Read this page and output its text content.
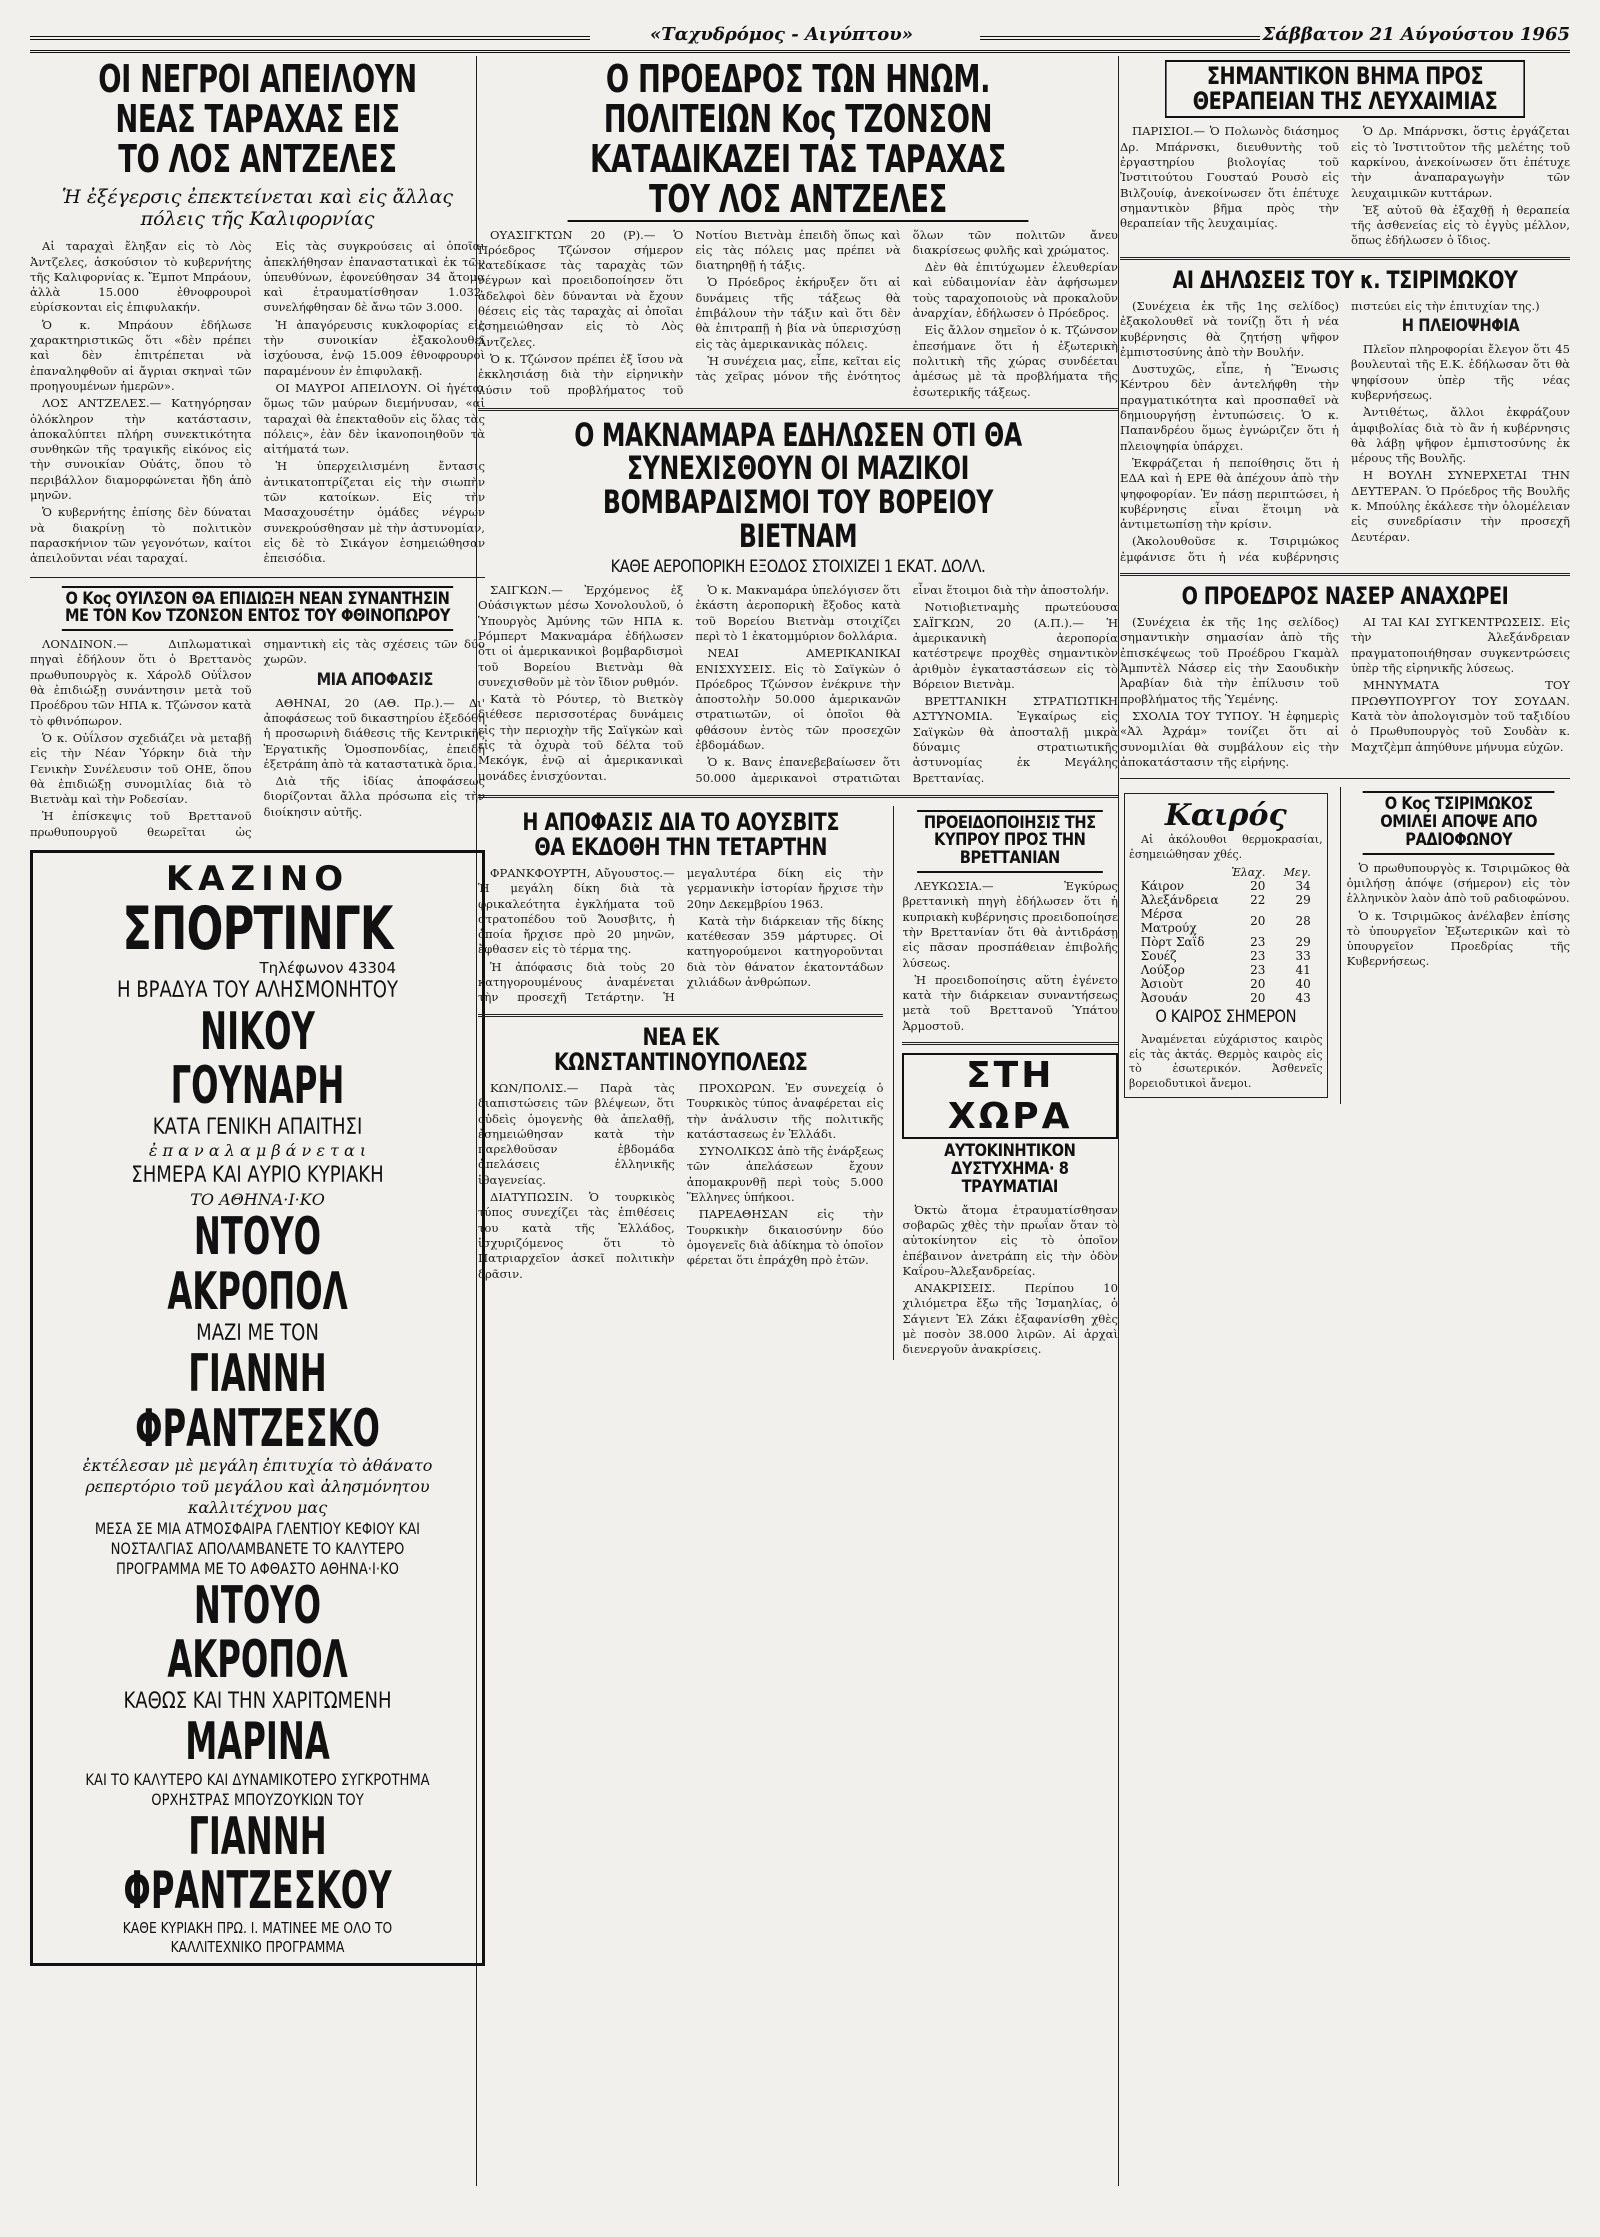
«Ταχυδρόμος - Αιγύπτου»	Σάββατον 21 Αύγούστου 1965
ΟΙ ΝΕΓΡΟΙ ΑΠΕΙΛΟΥΝ ΝΕΑΣ ΤΑΡΑΧΑΣ ΕΙΣ ΤΟ ΛΟΣ ΑΝΤΖΕΛΕΣ
Ἡ ἐξέγερσις ἐπεκτείνεται καὶ εἰς ἄλλας πόλεις τῆς Καλιφορνίας

Αἱ ταραχαὶ ἔληξαν εἰς τὸ Λὸς Ἀντζελες, ἀσκούσιον τὸ κυβερνήτης τῆς Καλιφορνίας κ. Ἔμποτ Μπράουν, ἀλλὰ 15.000 ἐθνοφρουροὶ εὑρίσκονται εἰς ἐπιφυλακήν.

Ὁ κ. Μπράουν ἐδήλωσε χαρακτηριστικῶς ὅτι «δὲν πρέπει καὶ δὲν ἐπιτρέπεται νὰ ἐπαναληφθοῦν αἱ ἄγριαι σκηναὶ τῶν προηγουμένων ἡμερῶν».

ΛΟΣ ΑΝΤΖΕΛΕΣ.— Κατηγόρησαν ὀλόκληρον τὴν κατάστασιν, ἀποκαλύπτει πλήρη συνεκτικότητα συνθηκῶν τῆς τραγικῆς εἰκόνος εἰς τὴν συνοικίαν Οὐάτς, ὅπου τὸ περιβάλλον διαμορφώνεται ἤδη ἀπὸ μηνῶν.

Ὁ κυβερνήτης ἐπίσης δὲν δύναται νὰ διακρίνῃ τὸ πολιτικὸν παρασκήνιον τῶν γεγονότων, καίτοι ἀπειλοῦνται νέαι ταραχαί.

Εἰς τὰς συγκρούσεις αἱ ὁποῖαι ἀπεκλήθησαν ἐπαναστατικαὶ ἐκ τῶν ὑπευθύνων, ἐφονεύθησαν 34 ἄτομα καὶ ἐτραυματίσθησαν 1.032, συνελήφθησαν δὲ ἄνω τῶν 3.000.

Ἡ ἀπαγόρευσις κυκλοφορίας εἰς τὴν συνοικίαν ἐξακολουθεῖ ἰσχύουσα, ἐνῷ 15.009 ἐθνοφρουροὶ παραμένουν ἐν ἐπιφυλακῇ.

ΟΙ ΜΑΥΡΟΙ ΑΠΕΙΛΟΥΝ. Οἱ ἡγέται ὅμως τῶν μαύρων διεμήνυσαν, «αἱ ταραχαὶ θὰ ἐπεκταθοῦν εἰς ὅλας τὰς πόλεις», ἐὰν δὲν ἱκανοποιηθοῦν τὰ αἰτήματά των.

Ἡ ὑπερχειλισμένη ἔντασις ἀντικατοπτρίζεται εἰς τὴν σιωπὴν τῶν κατοίκων. Εἰς τὴν Μασαχουσέτην ὁμάδες νέγρων συνεκρούσθησαν μὲ τὴν ἀστυνομίαν, εἰς δὲ τὸ Σικάγον ἐσημειώθησαν ἐπεισόδια.

Ο Κος ΟΥΙΛΣΟΝ ΘΑ ΕΠΙΔΙΩΞΗ ΝΕΑΝ ΣΥΝΑΝΤΗΣΙΝ ΜΕ ΤΟΝ Κον ΤΖΟΝΣΟΝ ΕΝΤΟΣ ΤΟΥ ΦΘΙΝΟΠΩΡΟΥ

ΛΟΝΔΙΝΟΝ.— Διπλωματικαὶ πηγαὶ ἐδήλουν ὅτι ὁ Βρεττανὸς πρωθυπουργὸς κ. Χάρολδ Οὐΐλσον θὰ ἐπιδιώξῃ συνάντησιν μετὰ τοῦ Προέδρου τῶν ΗΠΑ κ. Τζώνσον κατὰ τὸ φθινόπωρον.

Ὁ κ. Οὐΐλσον σχεδιάζει νὰ μεταβῇ εἰς τὴν Νέαν Ὑόρκην διὰ τὴν Γενικὴν Συνέλευσιν τοῦ ΟΗΕ, ὅπου θὰ ἐπιδιώξῃ συνομιλίας διὰ τὸ Βιετνὰμ καὶ τὴν Ροδεσίαν.

Ἡ ἐπίσκεψις τοῦ Βρεττανοῦ πρωθυπουργοῦ θεωρεῖται ὡς σημαντικὴ εἰς τὰς σχέσεις τῶν δύο χωρῶν.

ΜΙΑ ΑΠΟΦΑΣΙΣ

ΑΘΗΝΑΙ, 20 (ΑΘ. Πρ.).— Δι' ἀποφάσεως τοῦ δικαστηρίου ἐξεδόθη ἡ προσωρινὴ διάθεσις τῆς Κεντρικῆς Ἐργατικῆς Ὁμοσπονδίας, ἐπειδὴ ἐξετράπη ἀπὸ τὰ καταστατικὰ ὅρια.

Διὰ τῆς ἰδίας ἀποφάσεως διορίζονται ἄλλα πρόσωπα εἰς τὴν διοίκησιν αὐτῆς.

ΚΑΖΙΝΟ
ΣΠΟΡΤΙΝΓΚ
Τηλέφωνον 43304
Η ΒΡΑΔΥΑ ΤΟΥ ΑΛΗΣΜΟΝΗΤΟΥ
ΝΙΚΟΥ ΓΟΥΝΑΡΗ
ΚΑΤΑ ΓΕΝΙΚΗ ΑΠΑΙΤΗΣΙ
ἐ π α ν α λ α μ β ά ν ε τ α ι
ΣΗΜΕΡΑ ΚΑΙ ΑΥΡΙΟ ΚΥΡΙΑΚΗ
ΤΟ ΑΘΗΝΑ·Ι·ΚΟ
ΝΤΟΥΟ ΑΚΡΟΠΟΛ
ΜΑΖΙ ΜΕ ΤΟΝ
ΓΙΑΝΝΗ ΦΡΑΝΤΖΕΣΚΟ
ἐκτέλεσαν μὲ μεγάλη ἐπιτυχία τὸ ἀθάνατο ρεπερτόριο τοῦ μεγάλου καὶ ἀλησμόνητου καλλιτέχνου μας
ΜΕΣΑ ΣΕ ΜΙΑ ΑΤΜΟΣΦΑΙΡΑ ΓΛΕΝΤΙΟΥ ΚΕΦΙΟΥ ΚΑΙ ΝΟΣΤΑΛΓΙΑΣ ΑΠΟΛΑΜΒΑΝΕΤΕ ΤΟ ΚΑΛΥΤΕΡΟ ΠΡΟΓΡΑΜΜΑ ΜΕ ΤΟ ΑΦΘΑΣΤΟ ΑΘΗΝΑ·Ι·ΚΟ
ΝΤΟΥΟ ΑΚΡΟΠΟΛ
ΚΑΘΩΣ ΚΑΙ ΤΗΝ ΧΑΡΙΤΩΜΕΝΗ
ΜΑΡΙΝΑ
ΚΑΙ ΤΟ ΚΑΛΥΤΕΡΟ ΚΑΙ ΔΥΝΑΜΙΚΟΤΕΡΟ ΣΥΓΚΡΟΤΗΜΑ ΟΡΧΗΣΤΡΑΣ ΜΠΟΥΖΟΥΚΙΩΝ ΤΟΥ
ΓΙΑΝΝΗ ΦΡΑΝΤΖΕΣΚΟΥ
ΚΑΘΕ ΚΥΡΙΑΚΗ ΠΡΩ. Ι. ΜΑΤΙΝΕΕ ΜΕ ΟΛΟ ΤΟ ΚΑΛΛΙΤΕΧΝΙΚΟ ΠΡΟΓΡΑΜΜΑ
Ο ΠΡΟΕΔΡΟΣ ΤΩΝ ΗΝΩΜ. ΠΟΛΙΤΕΙΩΝ Κος ΤΖΟΝΣΟΝ ΚΑΤΑΔΙΚΑΖΕΙ ΤΑΣ ΤΑΡΑΧΑΣ ΤΟΥ ΛΟΣ ΑΝΤΖΕΛΕΣ

ΟΥΑΣΙΓΚΤΩΝ 20 (Ρ).— Ὁ Πρόεδρος Τζώνσον σήμερον κατεδίκασε τὰς ταραχὰς τῶν νέγρων καὶ προειδοποίησεν ὅτι ἀδελφοὶ δὲν δύνανται νὰ ἔχουν θέσεις εἰς τὰς ταραχὰς αἱ ὁποῖαι ἐσημειώθησαν εἰς τὸ Λὸς Ἀντζελες.

Ὁ κ. Τζώνσον πρέπει ἐξ ἴσου νὰ ἐκκλησιάσῃ διὰ τὴν εἰρηνικὴν λύσιν τοῦ προβλήματος τοῦ Νοτίου Βιετνὰμ ἐπειδὴ ὅπως καὶ εἰς τὰς πόλεις μας πρέπει νὰ διατηρηθῇ ἡ τάξις.

Ὁ Πρόεδρος ἐκήρυξεν ὅτι αἱ δυνάμεις τῆς τάξεως θὰ ἐπιβάλουν τὴν τάξιν καὶ ὅτι δὲν θὰ ἐπιτραπῇ ἡ βία νὰ ὑπερισχύσῃ εἰς τὰς ἀμερικανικὰς πόλεις.

Ἡ συνέχεια μας, εἶπε, κεῖται εἰς τὰς χεῖρας μόνον τῆς ἐνότητος ὅλων τῶν πολιτῶν ἄνευ διακρίσεως φυλῆς καὶ χρώματος.

Δὲν θὰ ἐπιτύχωμεν ἐλευθερίαν καὶ εὐδαιμονίαν ἐὰν ἀφήσωμεν τοὺς ταραχοποιοὺς νὰ προκαλοῦν ἀναρχίαν, ἐδήλωσεν ὁ Πρόεδρος.

Εἰς ἄλλον σημεῖον ὁ κ. Τζώνσον ἐπεσήμανε ὅτι ἡ ἐξωτερικὴ πολιτικὴ τῆς χώρας συνδέεται ἀμέσως μὲ τὰ προβλήματα τῆς ἐσωτερικῆς τάξεως.

Ο ΜΑΚΝΑΜΑΡΑ ΕΔΗΛΩΣΕΝ ΟΤΙ ΘΑ ΣΥΝΕΧΙΣΘΟΥΝ ΟΙ ΜΑΖΙΚΟΙ ΒΟΜΒΑΡΔΙΣΜΟΙ ΤΟΥ ΒΟΡΕΙΟΥ ΒΙΕΤΝΑΜ
ΚΑΘΕ ΑΕΡΟΠΟΡΙΚΗ ΕΞΟΔΟΣ ΣΤΟΙΧΙΖΕΙ 1 ΕΚΑΤ. ΔΟΛΛ.

ΣΑΙΓΚΩΝ.— Ἐρχόμενος ἐξ Οὐάσιγκτων μέσω Χονολουλοῦ, ὁ Ὑπουργὸς Ἀμύνης τῶν ΗΠΑ κ. Ρόμπερτ Μακναμάρα ἐδήλωσεν ὅτι οἱ ἀμερικανικοὶ βομβαρδισμοὶ τοῦ Βορείου Βιετνὰμ θὰ συνεχισθοῦν μὲ τὸν ἴδιον ρυθμόν.

Κατὰ τὸ Ρόυτερ, τὸ Βιετκὸγ διέθεσε περισσοτέρας δυνάμεις εἰς τὴν περιοχὴν τῆς Σαϊγκὼν καὶ εἰς τὰ ὀχυρὰ τοῦ δέλτα τοῦ Μεκόγκ, ἐνῷ αἱ ἀμερικανικαὶ μονάδες ἐνισχύονται.

Ὁ κ. Μακναμάρα ὑπελόγισεν ὅτι ἑκάστη ἀεροπορικὴ ἔξοδος κατὰ τοῦ Βορείου Βιετνὰμ στοιχίζει περὶ τὸ 1 ἑκατομμύριον δολλάρια.

ΝΕΑΙ ΑΜΕΡΙΚΑΝΙΚΑΙ ΕΝΙΣΧΥΣΕΙΣ. Εἰς τὸ Σαϊγκὼν ὁ Πρόεδρος Τζώνσον ἐνέκρινε τὴν ἀποστολὴν 50.000 ἀμερικανῶν στρατιωτῶν, οἱ ὁποῖοι θὰ φθάσουν ἐντὸς τῶν προσεχῶν ἑβδομάδων.

Ὁ κ. Βανς ἐπανεβεβαίωσεν ὅτι 50.000 ἀμερικανοὶ στρατιῶται εἶναι ἕτοιμοι διὰ τὴν ἀποστολήν.

Νοτιοβιετναμὴς πρωτεύουσα ΣΑΪΓΚΩΝ, 20 (Α.Π.).— Ἡ ἀμερικανικὴ ἀεροπορία κατέστρεψε προχθὲς σημαντικὸν ἀριθμὸν ἐγκαταστάσεων εἰς τὸ Βόρειον Βιετνὰμ.

ΒΡΕΤΤΑΝΙΚΗ ΣΤΡΑΤΙΩΤΙΚΗ ΑΣΤΥΝΟΜΙΑ. Ἐγκαίρως εἰς Σαϊγκὼν θὰ ἀποσταλῇ μικρὰ δύναμις στρατιωτικῆς ἀστυνομίας ἐκ Μεγάλης Βρεττανίας.

Η ΑΠΟΦΑΣΙΣ ΔΙΑ ΤΟ ΑΟΥΣΒΙΤΣ ΘΑ ΕΚΔΟΘΗ ΤΗΝ ΤΕΤΑΡΤΗΝ

ΦΡΑΝΚΦΟΥΡΤΗ, Αὔγουστος.— Ἡ μεγάλη δίκη διὰ τὰ φρικαλεότητα ἐγκλήματα τοῦ στρατοπέδου τοῦ Ἄουσβιτς, ἡ ὁποία ἤρχισε πρὸ 20 μηνῶν, ἔφθασεν εἰς τὸ τέρμα της.

Ἡ ἀπόφασις διὰ τοὺς 20 κατηγορουμένους ἀναμένεται τὴν προσεχῆ Τετάρτην. Ἡ μεγαλυτέρα δίκη εἰς τὴν γερμανικὴν ἱστορίαν ἤρχισε τὴν 20ην Δεκεμβρίου 1963.

Κατὰ τὴν διάρκειαν τῆς δίκης κατέθεσαν 359 μάρτυρες. Οἱ κατηγορούμενοι κατηγοροῦνται διὰ τὸν θάνατον ἑκατοντάδων χιλιάδων ἀνθρώπων.

ΝΕΑ ΕΚ ΚΩΝΣΤΑΝΤΙΝΟΥΠΟΛΕΩΣ

ΚΩΝ/ΠΟΛΙΣ.— Παρὰ τὰς διαπιστώσεις τῶν βλέψεων, ὅτι οὐδεὶς ὁμογενὴς θὰ ἀπελαθῇ, ἐσημειώθησαν κατὰ τὴν παρελθοῦσαν ἑβδομάδα ἀπελάσεις ἑλληνικῆς ἰθαγενείας.

ΔΙΑΤΥΠΩΣΙΝ. Ὁ τουρκικὸς τύπος συνεχίζει τὰς ἐπιθέσεις του κατὰ τῆς Ἑλλάδος, ἰσχυριζόμενος ὅτι τὸ Πατριαρχεῖον ἀσκεῖ πολιτικὴν δρᾶσιν.

ΠΡΟΧΩΡΩΝ. Ἐν συνεχείᾳ ὁ Τουρκικὸς τύπος ἀναφέρεται εἰς τὴν ἀνάλυσιν τῆς πολιτικῆς κατάστασεως ἐν Ἑλλάδι.

ΣΥΝΟΛΙΚΩΣ ἀπὸ τῆς ἐνάρξεως τῶν ἀπελάσεων ἔχουν ἀπομακρυνθῇ περὶ τοὺς 5.000 Ἕλληνες ὑπήκοοι.

ΠΑΡΕΑΘΗΣΑΝ εἰς τὴν Τουρκικὴν δικαιοσύνην δύο ὁμογενεῖς διὰ ἀδίκημα τὸ ὁποῖον φέρεται ὅτι ἐπράχθη πρὸ ἐτῶν.

ΠΡΟΕΙΔΟΠΟΙΗΣΙΣ ΤΗΣ ΚΥΠΡΟΥ ΠΡΟΣ ΤΗΝ ΒΡΕΤΤΑΝΙΑΝ

ΛΕΥΚΩΣΙΑ.— Ἐγκύρως βρεττανικὴ πηγὴ ἐδήλωσεν ὅτι ἡ κυπριακὴ κυβέρνησις προειδοποίησε τὴν Βρεττανίαν ὅτι θὰ ἀντιδράσῃ εἰς πᾶσαν προσπάθειαν ἐπιβολῆς λύσεως.

Ἡ προειδοποίησις αὕτη ἐγένετο κατὰ τὴν διάρκειαν συναντήσεως μετὰ τοῦ Βρεττανοῦ Ὑπάτου Ἀρμοστοῦ.

ΣΤΗ ΧΩΡΑ
ΑΥΤΟΚΙΝΗΤΙΚΟΝ ΔΥΣΤΥΧΗΜΑ· 8 ΤΡΑΥΜΑΤΙΑΙ

Ὀκτὼ ἄτομα ἐτραυματίσθησαν σοβαρῶς χθὲς τὴν πρωΐαν ὅταν τὸ αὐτοκίνητον εἰς τὸ ὁποῖον ἐπέβαινον ἀνετράπη εἰς τὴν ὁδὸν Καΐρου–Ἀλεξανδρείας.

ΑΝΑΚΡΙΣΕΙΣ. Περίπου 10 χιλιόμετρα ἔξω τῆς Ἰσμαηλίας, ὁ Σάγιεντ Ἐλ Ζάκι ἐξαφανίσθη χθὲς μὲ ποσὸν 38.000 λιρῶν. Αἱ ἀρχαὶ διενεργοῦν ἀνακρίσεις.

ΣΗΜΑΝΤΙΚΟΝ ΒΗΜΑ ΠΡΟΣ ΘΕΡΑΠΕΙΑΝ ΤΗΣ ΛΕΥΧΑΙΜΙΑΣ

ΠΑΡΙΣΙΟΙ.— Ὁ Πολωνὸς διάσημος Δρ. Μπάρνσκι, διευθυντὴς τοῦ ἐργαστηρίου βιολογίας τοῦ Ἰνστιτούτου Γουσταύ Ρουσὸ εἰς Βιλζουίφ, ἀνεκοίνωσεν ὅτι ἐπέτυχε σημαντικὸν βῆμα πρὸς τὴν θεραπείαν τῆς λευχαιμίας.

Ὁ Δρ. Μπάρνσκι, ὅστις ἐργάζεται εἰς τὸ Ἰνστιτοῦτον τῆς μελέτης τοῦ καρκίνου, ἀνεκοίνωσεν ὅτι ἐπέτυχε τὴν ἀναπαραγωγὴν τῶν λευχαιμικῶν κυττάρων.

Ἐξ αὐτοῦ θὰ ἐξαχθῇ ἡ θεραπεία τῆς ἀσθενείας εἰς τὸ ἐγγὺς μέλλον, ὅπως ἐδήλωσεν ὁ ἴδιος.

ΑΙ ΔΗΛΩΣΕΙΣ ΤΟΥ κ. ΤΣΙΡΙΜΩΚΟΥ

(Συνέχεια ἐκ τῆς 1ης σελίδος) ἐξακολουθεῖ νὰ τονίζῃ ὅτι ἡ νέα κυβέρνησις θὰ ζητήσῃ ψῆφον ἐμπιστοσύνης ἀπὸ τὴν Βουλήν.

Δυστυχῶς, εἶπε, ἡ Ἕνωσις Κέντρου δὲν ἀντελήφθη τὴν πραγματικότητα καὶ προσπαθεῖ νὰ δημιουργήσῃ ἐντυπώσεις. Ὁ κ. Παπανδρέου ὅμως ἐγνώριζεν ὅτι ἡ πλειοψηφία ὑπάρχει.

Ἐκφράζεται ἡ πεποίθησις ὅτι ἡ ΕΔΑ καὶ ἡ ΕΡΕ θὰ ἀπέχουν ἀπὸ τὴν ψηφοφορίαν. Ἐν πάσῃ περιπτώσει, ἡ κυβέρνησις εἶναι ἕτοιμη νὰ ἀντιμετωπίσῃ τὴν κρίσιν.

(Ἀκολουθοῦσε κ. Τσιριμώκος ἐμφάνισε ὅτι ἡ νέα κυβέρνησις πιστεύει εἰς τὴν ἐπιτυχίαν της.)

Η ΠΛΕΙΟΨΗΦΙΑ

Πλεῖον πληροφορίαι ἔλεγον ὅτι 45 βουλευταὶ τῆς Ε.Κ. ἐδήλωσαν ὅτι θὰ ψηφίσουν ὑπὲρ τῆς νέας κυβερνήσεως.

Ἀντιθέτως, ἄλλοι ἐκφράζουν ἀμφιβολίας διὰ τὸ ἂν ἡ κυβέρνησις θὰ λάβῃ ψῆφον ἐμπιστοσύνης ἐκ μέρους τῆς Βουλῆς.

Η ΒΟΥΛΗ ΣΥΝΕΡΧΕΤΑΙ ΤΗΝ ΔΕΥΤΕΡΑΝ. Ὁ Πρόεδρος τῆς Βουλῆς κ. Μπούλης ἐκάλεσε τὴν ὁλομέλειαν εἰς συνεδρίασιν τὴν προσεχῆ Δευτέραν.

Ο ΠΡΟΕΔΡΟΣ ΝΑΣΕΡ ΑΝΑΧΩΡΕΙ

(Συνέχεια ἐκ τῆς 1ης σελίδος) σημαντικὴν σημασίαν ἀπὸ τῆς ἐπισκέψεως τοῦ Προέδρου Γκαμὰλ Ἀμπντὲλ Νάσερ εἰς τὴν Σαουδικὴν Ἀραβίαν διὰ τὴν ἐπίλυσιν τοῦ προβλήματος τῆς Ὑεμένης.

ΣΧΟΛΙΑ ΤΟΥ ΤΥΠΟΥ. Ἡ ἐφημερὶς «Ἀλ Ἀχράμ» τονίζει ὅτι αἱ συνομιλίαι θὰ συμβάλουν εἰς τὴν ἀποκατάστασιν τῆς εἰρήνης.

ΑΙ ΤΑΙ ΚΑΙ ΣΥΓΚΕΝΤΡΩΣΕΙΣ. Εἰς τὴν Ἀλεξάνδρειαν πραγματοποιήθησαν συγκεντρώσεις ὑπὲρ τῆς εἰρηνικῆς λύσεως.

ΜΗΝΥΜΑΤΑ ΤΟΥ ΠΡΩΘΥΠΟΥΡΓΟΥ ΤΟΥ ΣΟΥΔΑΝ. Κατὰ τὸν ἀπολογισμὸν τοῦ ταξιδίου ὁ Πρωθυπουργὸς τοῦ Σουδὰν κ. Μαχτζὲμπ ἀπηύθυνε μήνυμα εὐχῶν.

Καιρός

Αἱ ἀκόλουθοι θερμοκρασίαι, ἐσημειώθησαν χθές.

	Ἐλαχ.	Μεγ.
Κάιρον	20	34
Ἀλεξάνδρεια	22	29
Μέρσα Ματρούχ	20	28
Πὸρτ Σαΐδ	23	29
Σουέζ	23	33
Λούξορ	23	41
Ἀσιοὺτ	20	40
Ἀσουάν	20	43
Ο ΚΑΙΡΟΣ ΣΗΜΕΡΟΝ

Ἀναμένεται εὐχάριστος καιρὸς εἰς τὰς ἀκτάς. Θερμὸς καιρὸς εἰς τὸ ἐσωτερικόν. Ἀσθενεῖς βορειοδυτικοὶ ἄνεμοι.

Ο Κος ΤΣΙΡΙΜΩΚΟΣ ΟΜΙΛΕΙ ΑΠΟΨΕ ΑΠΟ ΡΑΔΙΟΦΩΝΟΥ

Ὁ πρωθυπουργὸς κ. Τσιριμῶκος θὰ ὁμιλήσῃ ἀπόψε (σήμερον) εἰς τὸν ἑλληνικὸν λαὸν ἀπὸ τοῦ ραδιοφώνου.

Ὁ κ. Τσιριμῶκος ἀνέλαβεν ἐπίσης τὸ ὑπουργεῖον Ἐξωτερικῶν καὶ τὸ ὑπουργεῖον Προεδρίας τῆς Κυβερνήσεως.
